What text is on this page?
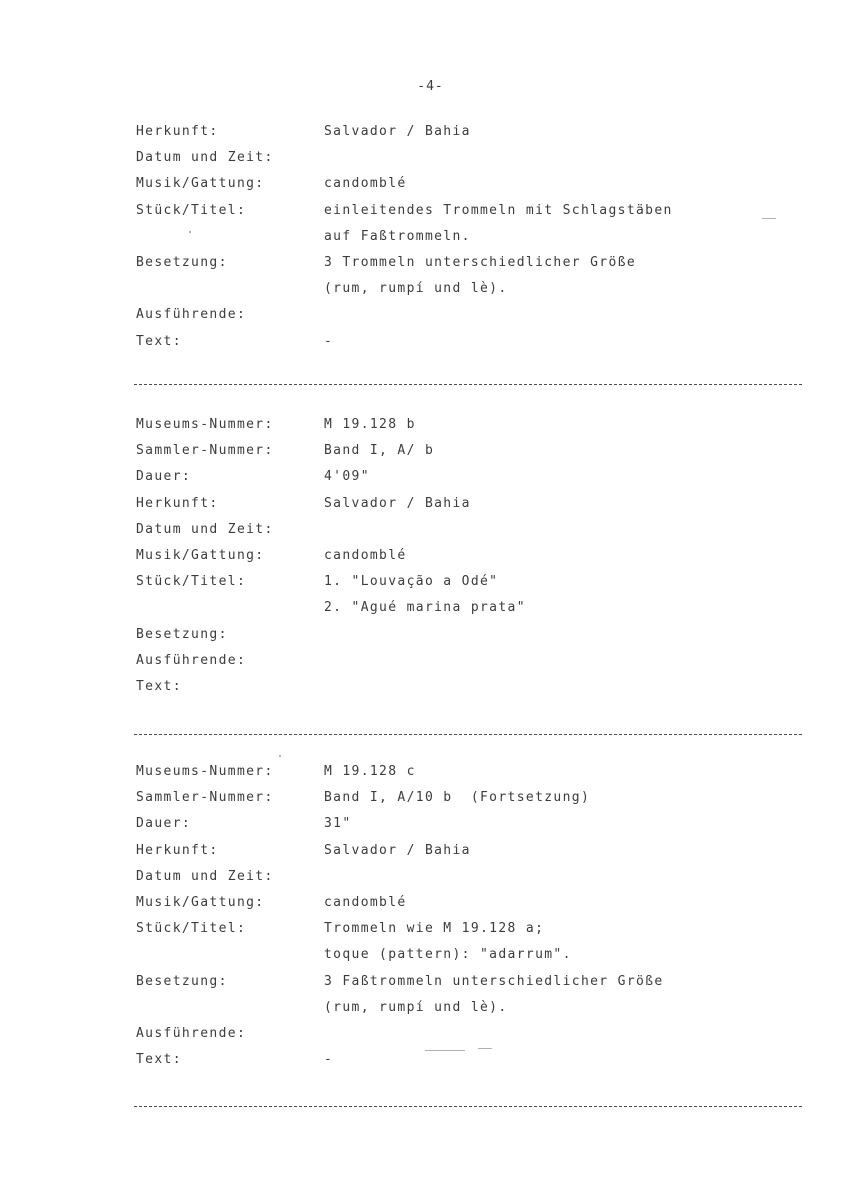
-4-
Herkunft:	Salvador / Bahia
Datum und Zeit:
Musik/Gattung:	candomblé
Stück/Titel:	einleitendes Trommeln mit Schlagstäben
auf Faßtrommeln.
Besetzung:	3 Trommeln unterschiedlicher Größe
(rum, rumpí und lè).
Ausführende:
Text:	-
Museums-Nummer:	M 19.128 b
Sammler-Nummer:	Band I, A/ b
Dauer:	4'09"
Herkunft:	Salvador / Bahia
Datum und Zeit:
Musik/Gattung:	candomblé
Stück/Titel:	1. "Louvação a Odé"
2. "Agué marina prata"
Besetzung:
Ausführende:
Text:
Museums-Nummer:	M 19.128 c
Sammler-Nummer:	Band I, A/10 b  (Fortsetzung)
Dauer:	31"
Herkunft:	Salvador / Bahia
Datum und Zeit:
Musik/Gattung:	candomblé
Stück/Titel:	Trommeln wie M 19.128 a;
toque (pattern): "adarrum".
Besetzung:	3 Faßtrommeln unterschiedlicher Größe
(rum, rumpí und lè).
Ausführende:
Text:	-
